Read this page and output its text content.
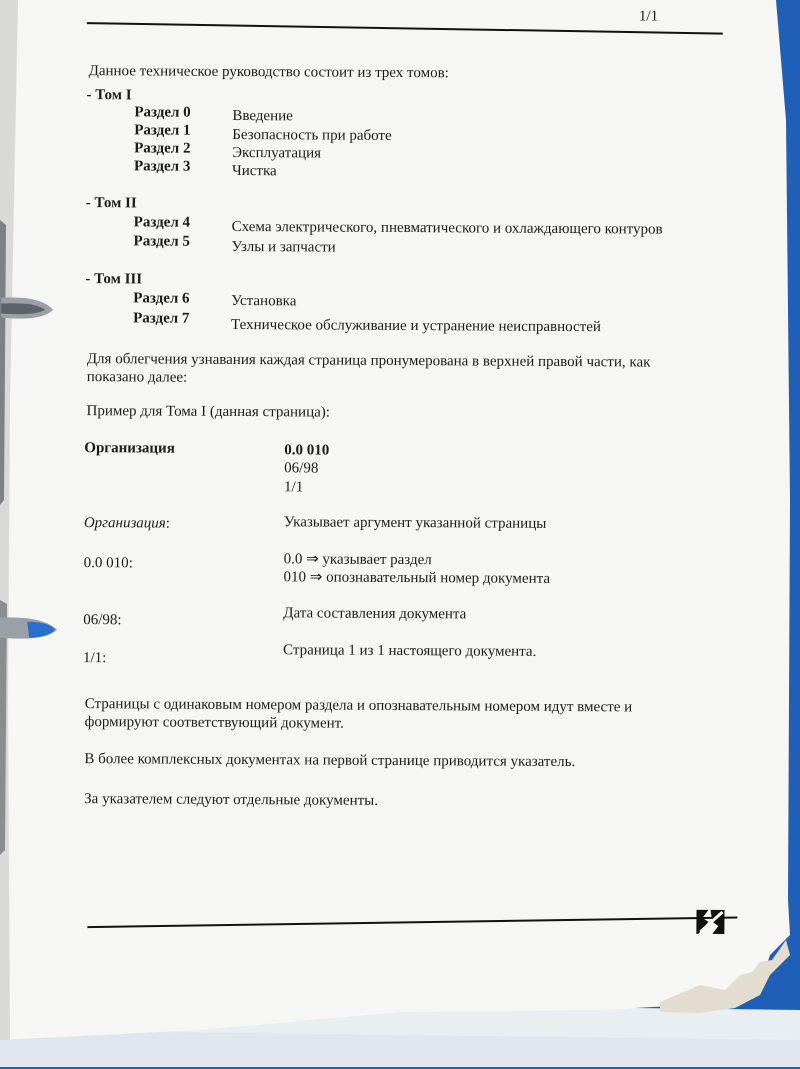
1/1
Данное техническое руководство состоит из трех томов:
- Том I
Раздел 0	Введение
Раздел 1	Безопасность при работе
Раздел 2	Эксплуатация
Раздел 3	Чистка
- Том II
Раздел 4	Схема электрического, пневматического и охлаждающего контуров
Раздел 5	Узлы и запчасти
- Том III
Раздел 6	Установка
Раздел 7	Техническое обслуживание и устранение неисправностей
Для облегчения узнавания каждая страница пронумерована в верхней правой части, как
показано далее:
Пример для Тома I (данная страница):
Организация	0.0 010
06/98
1/1
Организация:	Указывает аргумент указанной страницы
0.0 010:	0.0 ⇒ указывает раздел
010 ⇒ опознавательный номер документа
06/98:	Дата составления документа
1/1:	Страница 1 из 1 настоящего документа.
Страницы с одинаковым номером раздела и опознавательным номером идут вместе и
формируют соответствующий документ.
В более комплексных документах на первой странице приводится указатель.
За указателем следуют отдельные документы.
